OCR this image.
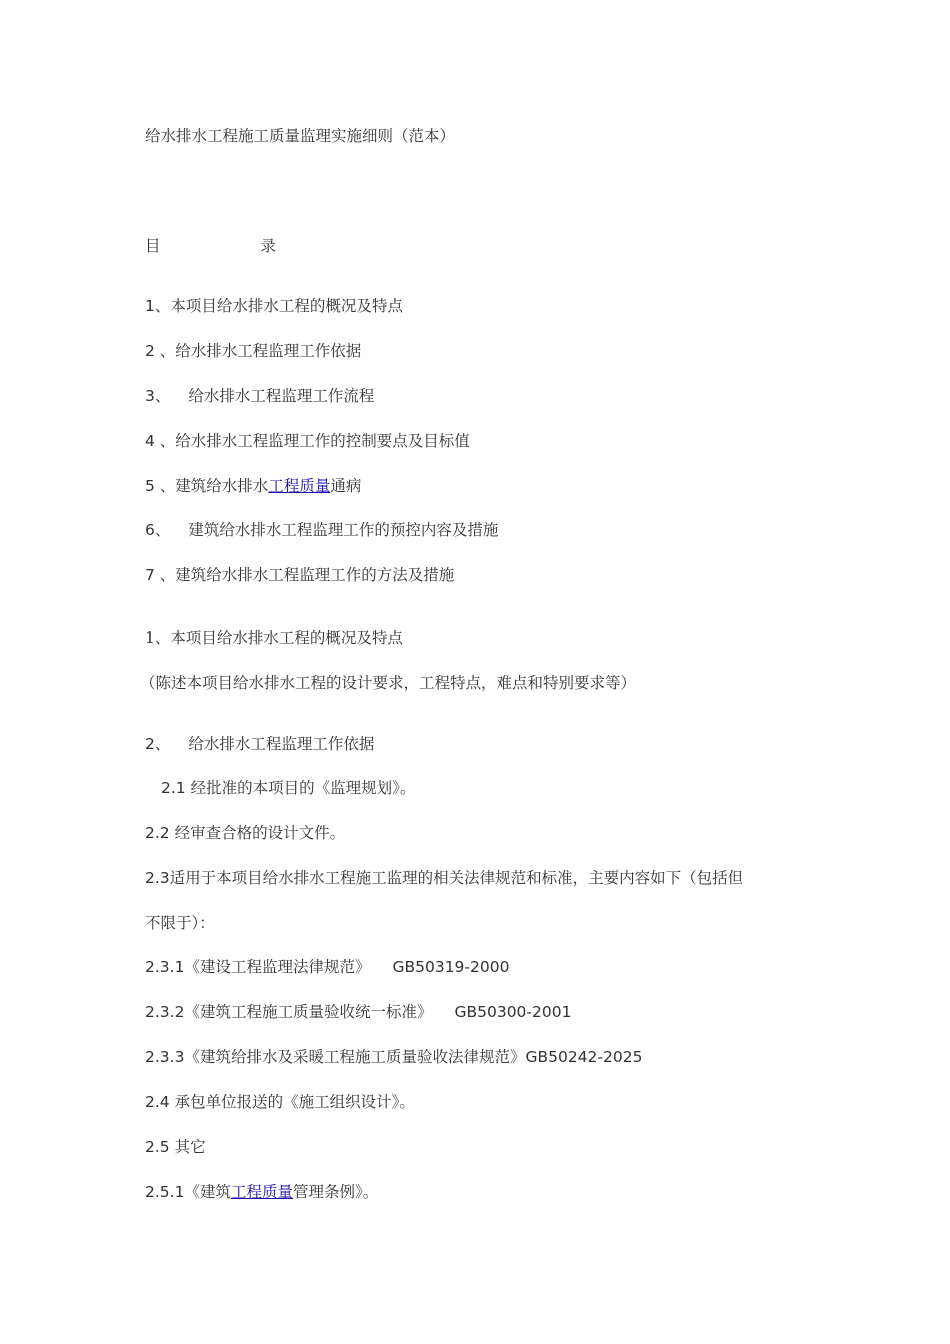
给水排水工程施工质量监理实施细则（范本）
目	录
1、本项目给水排水工程的概况及特点
2 、给水排水工程监理工作依据
3、 给水排水工程监理工作流程
4 、给水排水工程监理工作的控制要点及目标值
5 、建筑给水排水工程质量通病
6、 建筑给水排水工程监理工作的预控内容及措施
7 、建筑给水排水工程监理工作的方法及措施
1、本项目给水排水工程的概况及特点
（陈述本项目给水排水工程的设计要求，工程特点，难点和特别要求等）
2、 给水排水工程监理工作依据
2.1 经批准的本项目的《监理规划》。
2.2 经审查合格的设计文件。
2.3适用于本项目给水排水工程施工监理的相关法律规范和标准，主要内容如下（包括但
不限于）：
2.3.1《建设工程监理法律规范》 GB50319-2000
2.3.2《建筑工程施工质量验收统一标准》 GB50300-2001
2.3.3《建筑给排水及采暖工程施工质量验收法律规范》GB50242-2025
2.4 承包单位报送的《施工组织设计》。
2.5 其它
2.5.1《建筑工程质量管理条例》。
